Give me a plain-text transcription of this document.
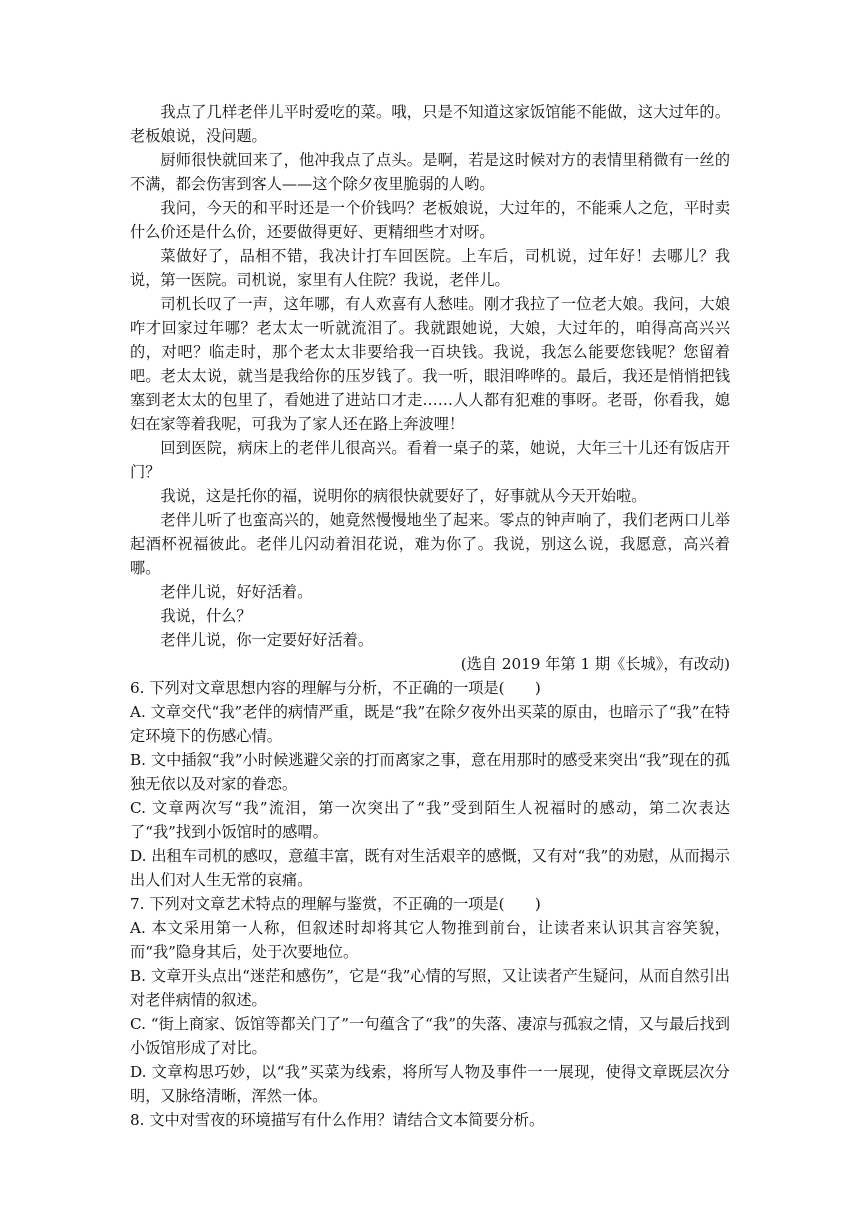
我点了几样老伴儿平时爱吃的菜。哦，只是不知道这家饭馆能不能做，这大过年的。老板娘说，没问题。

厨师很快就回来了，他冲我点了点头。是啊，若是这时候对方的表情里稍微有一丝的不满，都会伤害到客人——这个除夕夜里脆弱的人哟。

我问，今天的和平时还是一个价钱吗？老板娘说，大过年的，不能乘人之危，平时卖什么价还是什么价，还要做得更好、更精细些才对呀。

菜做好了，品相不错，我决计打车回医院。上车后，司机说，过年好！去哪儿？我说，第一医院。司机说，家里有人住院？我说，老伴儿。

司机长叹了一声，这年哪，有人欢喜有人愁哇。刚才我拉了一位老大娘。我问，大娘咋才回家过年哪？老太太一听就流泪了。我就跟她说，大娘，大过年的，咱得高高兴兴的，对吧？临走时，那个老太太非要给我一百块钱。我说，我怎么能要您钱呢？您留着吧。老太太说，就当是我给你的压岁钱了。我一听，眼泪哗哗的。最后，我还是悄悄把钱塞到老太太的包里了，看她进了进站口才走……人人都有犯难的事呀。老哥，你看我，媳妇在家等着我呢，可我为了家人还在路上奔波哩！

回到医院，病床上的老伴儿很高兴。看着一桌子的菜，她说，大年三十儿还有饭店开门？

我说，这是托你的福，说明你的病很快就要好了，好事就从今天开始啦。

老伴儿听了也蛮高兴的，她竟然慢慢地坐了起来。零点的钟声响了，我们老两口儿举起酒杯祝福彼此。老伴儿闪动着泪花说，难为你了。我说，别这么说，我愿意，高兴着哪。

老伴儿说，好好活着。

我说，什么？

老伴儿说，你一定要好好活着。

(选自 2019 年第 1 期《长城》，有改动)

6. 下列对文章思想内容的理解与分析，不正确的一项是(　　)

A. 文章交代“我”老伴的病情严重，既是“我”在除夕夜外出买菜的原由，也暗示了“我”在特定环境下的伤感心情。

B. 文中插叙“我”小时候逃避父亲的打而离家之事，意在用那时的感受来突出“我”现在的孤独无依以及对家的眷恋。

C. 文章两次写“我”流泪，第一次突出了“我”受到陌生人祝福时的感动，第二次表达了“我”找到小饭馆时的感喟。

D. 出租车司机的感叹，意蕴丰富，既有对生活艰辛的感慨，又有对“我”的劝慰，从而揭示出人们对人生无常的哀痛。

7. 下列对文章艺术特点的理解与鉴赏，不正确的一项是(　　)

A. 本文采用第一人称，但叙述时却将其它人物推到前台，让读者来认识其言容笑貌，而“我”隐身其后，处于次要地位。

B. 文章开头点出“迷茫和感伤”，它是“我”心情的写照，又让读者产生疑问，从而自然引出对老伴病情的叙述。

C. “街上商家、饭馆等都关门了”一句蕴含了“我”的失落、凄凉与孤寂之情，又与最后找到小饭馆形成了对比。

D. 文章构思巧妙，以“我”买菜为线索，将所写人物及事件一一展现，使得文章既层次分明，又脉络清晰，浑然一体。

8. 文中对雪夜的环境描写有什么作用？请结合文本简要分析。
